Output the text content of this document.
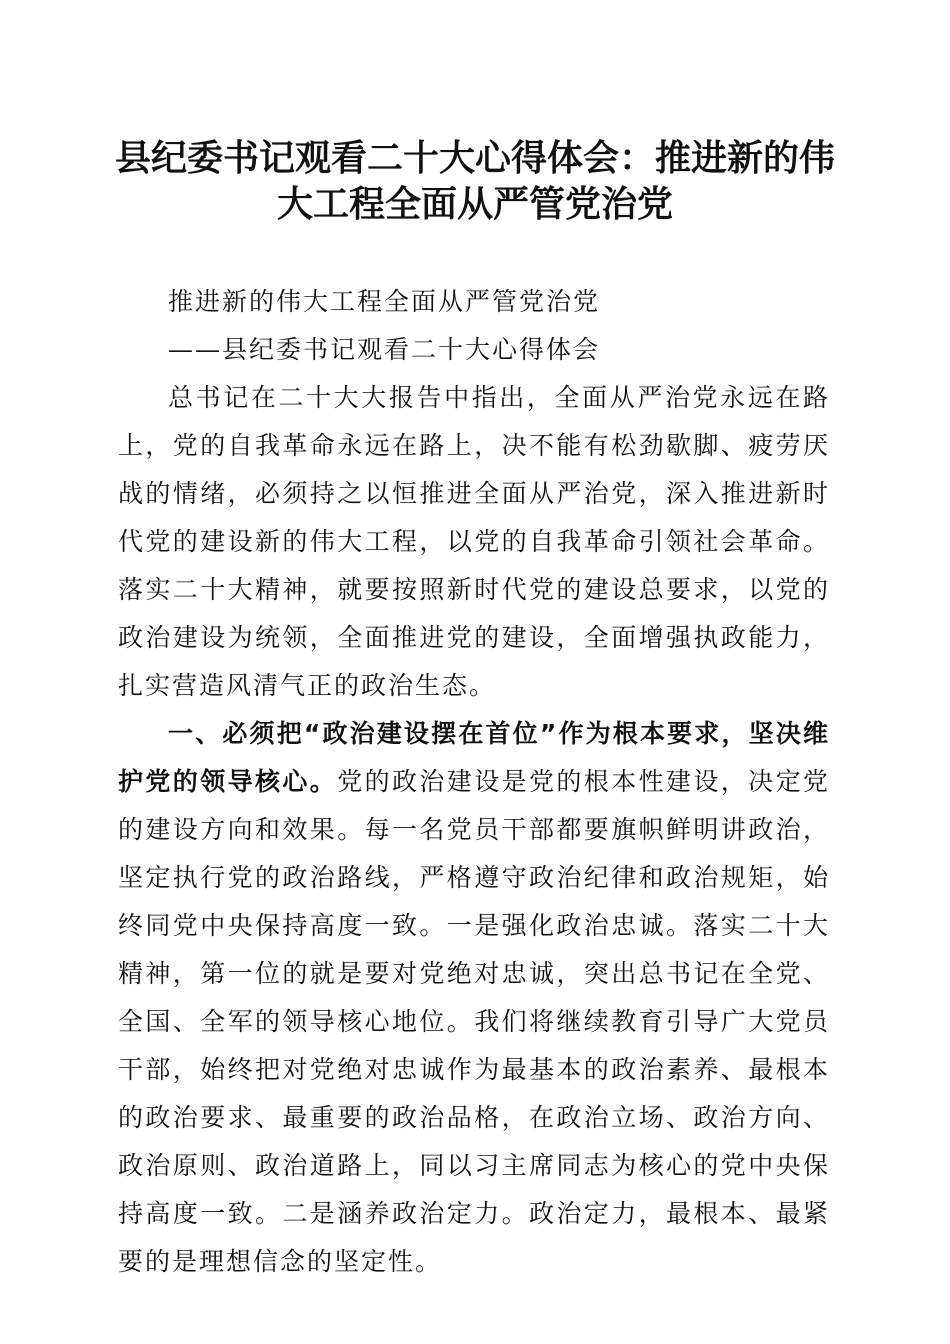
县纪委书记观看二十大心得体会：推进新的伟
大工程全面从严管党治党

推进新的伟大工程全面从严管党治党

——县纪委书记观看二十大心得体会

总书记在二十大大报告中指出，全面从严治党永远在路上，党的自我革命永远在路上，决不能有松劲歇脚、疲劳厌战的情绪，必须持之以恒推进全面从严治党，深入推进新时代党的建设新的伟大工程，以党的自我革命引领社会革命。落实二十大精神，就要按照新时代党的建设总要求，以党的政治建设为统领，全面推进党的建设，全面增强执政能力，扎实营造风清气正的政治生态。

一、必须把“政治建设摆在首位”作为根本要求，坚决维护党的领导核心。党的政治建设是党的根本性建设，决定党的建设方向和效果。每一名党员干部都要旗帜鲜明讲政治，坚定执行党的政治路线，严格遵守政治纪律和政治规矩，始终同党中央保持高度一致。一是强化政治忠诚。落实二十大精神，第一位的就是要对党绝对忠诚，突出总书记在全党、全国、全军的领导核心地位。我们将继续教育引导广大党员干部，始终把对党绝对忠诚作为最基本的政治素养、最根本的政治要求、最重要的政治品格，在政治立场、政治方向、政治原则、政治道路上，同以习主席同志为核心的党中央保持高度一致。二是涵养政治定力。政治定力，最根本、最紧要的是理想信念的坚定性。
